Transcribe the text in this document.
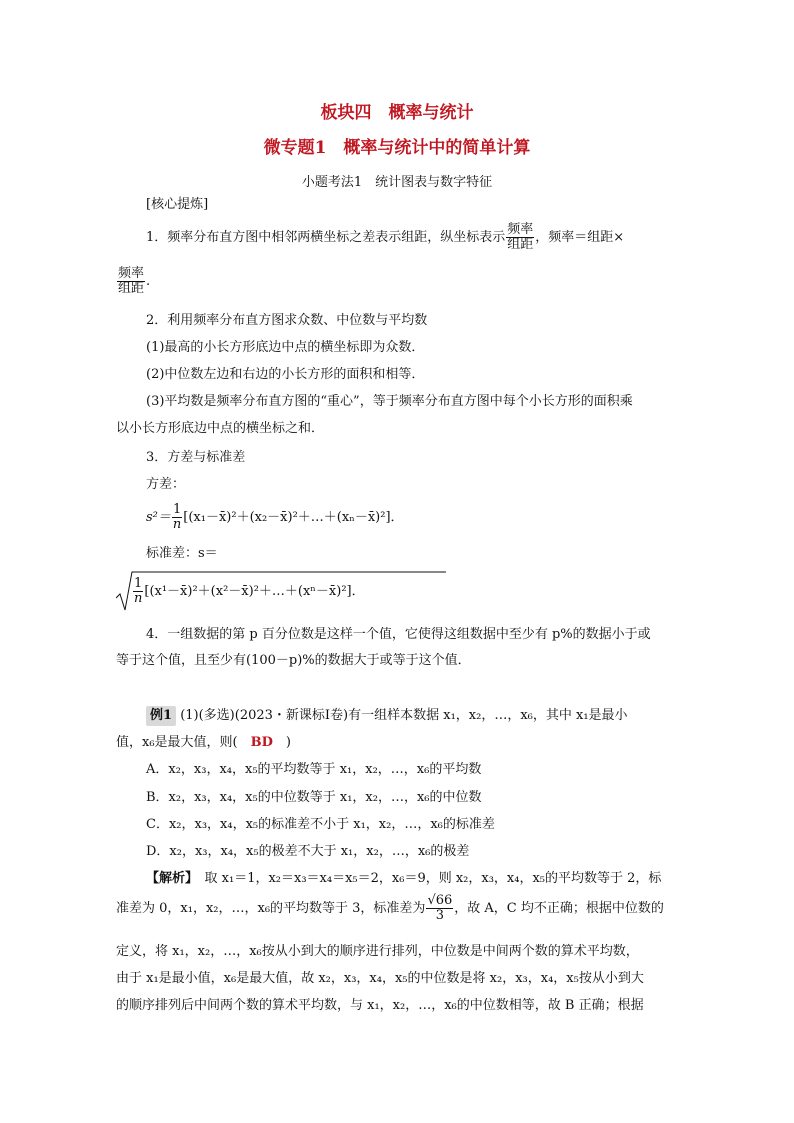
板块四　概率与统计
微专题1　概率与统计中的简单计算
小题考法1　统计图表与数字特征
[核心提炼]
1．频率分布直方图中相邻两横坐标之差表示组距，纵坐标表示 $\frac{\text{频率}}{\text{组距}}$ ，频率＝组距×
$\frac{\text{频率}}{\text{组距}}$ .
2．利用频率分布直方图求众数、中位数与平均数
(1)最高的小长方形底边中点的横坐标即为众数．
(2)中位数左边和右边的小长方形的面积和相等．
(3)平均数是频率分布直方图的“重心”，等于频率分布直方图中每个小长方形的面积乘
以小长方形底边中点的横坐标之和．
3．方差与标准差
方差：
$s^2= \frac{1}{n}$ [(x₁－x̄)²＋(x₂－x̄)²＋…＋(xₙ－x̄)²]．
标准差：s＝
$\frac{1}{n}$ [(x¹－x̄)²＋(x²－x̄)²＋…＋(xⁿ－x̄)²]．
4．一组数据的第 p 百分位数是这样一个值，它使得这组数据中至少有 p%的数据小于或
等于这个值，且至少有(100－p)%的数据大于或等于这个值．
例1 (1)(多选)(2023・新课标Ⅰ卷)有一组样本数据 x₁，x₂，…，x₆，其中 x₁是最小
值，x₆是最大值，则(　BD　)
A．x₂，x₃，x₄，x₅的平均数等于 x₁，x₂，…，x₆的平均数
B．x₂，x₃，x₄，x₅的中位数等于 x₁，x₂，…，x₆的中位数
C．x₂，x₃，x₄，x₅的标准差不小于 x₁，x₂，…，x₆的标准差
D．x₂，x₃，x₄，x₅的极差不大于 x₁，x₂，…，x₆的极差
【解析】　取 x₁＝1，x₂＝x₃＝x₄＝x₅＝2，x₆＝9，则 x₂，x₃，x₄，x₅的平均数等于 2，标
准差为 0，x₁，x₂，…，x₆的平均数等于 3，标准差为 $\frac{√66}{3}$ ，故 A，C 均不正确；根据中位数的
定义，将 x₁，x₂，…，x₆按从小到大的顺序进行排列，中位数是中间两个数的算术平均数，
由于 x₁是最小值，x₆是最大值，故 x₂，x₃，x₄，x₅的中位数是将 x₂，x₃，x₄，x₅按从小到大
的顺序排列后中间两个数的算术平均数，与 x₁，x₂，…，x₆的中位数相等，故 B 正确；根据
